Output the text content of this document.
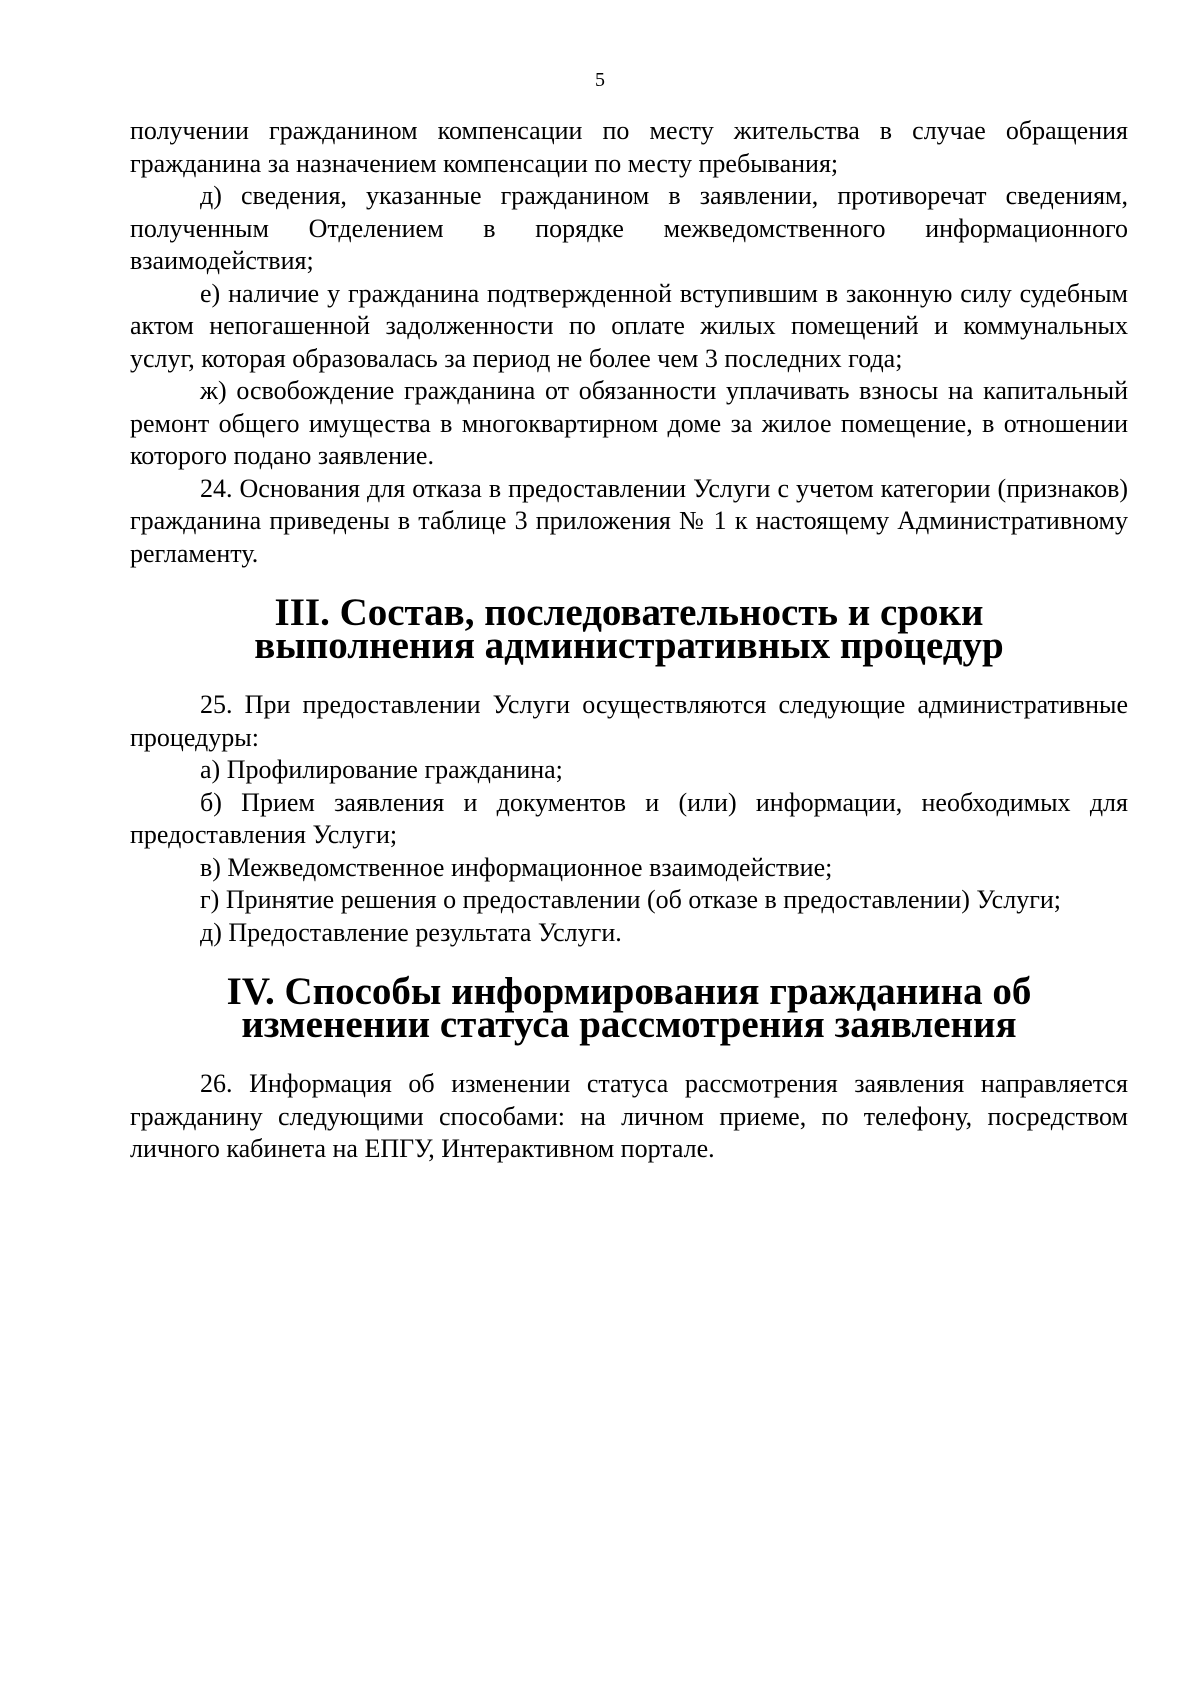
5

получении гражданином компенсации по месту жительства в случае обращения гражданина за назначением компенсации по месту пребывания;

д) сведения, указанные гражданином в заявлении, противоречат сведениям, полученным Отделением в порядке межведомственного информационного взаимодействия;

е) наличие у гражданина подтвержденной вступившим в законную силу судебным актом непогашенной задолженности по оплате жилых помещений и коммунальных услуг, которая образовалась за период не более чем 3 последних года;

ж) освобождение гражданина от обязанности уплачивать взносы на капитальный ремонт общего имущества в многоквартирном доме за жилое помещение, в отношении которого подано заявление.

24. Основания для отказа в предоставлении Услуги с учетом категории (признаков) гражданина приведены в таблице 3 приложения № 1 к настоящему Административному регламенту.

III. Состав, последовательность и сроки выполнения административных процедур

25. При предоставлении Услуги осуществляются следующие административные процедуры:

а) Профилирование гражданина;

б) Прием заявления и документов и (или) информации, необходимых для предоставления Услуги;

в) Межведомственное информационное взаимодействие;

г) Принятие решения о предоставлении (об отказе в предоставлении) Услуги;

д) Предоставление результата Услуги.

IV. Способы информирования гражданина об изменении статуса рассмотрения заявления

26. Информация об изменении статуса рассмотрения заявления направляется гражданину следующими способами: на личном приеме, по телефону, посредством личного кабинета на ЕПГУ, Интерактивном портале.
